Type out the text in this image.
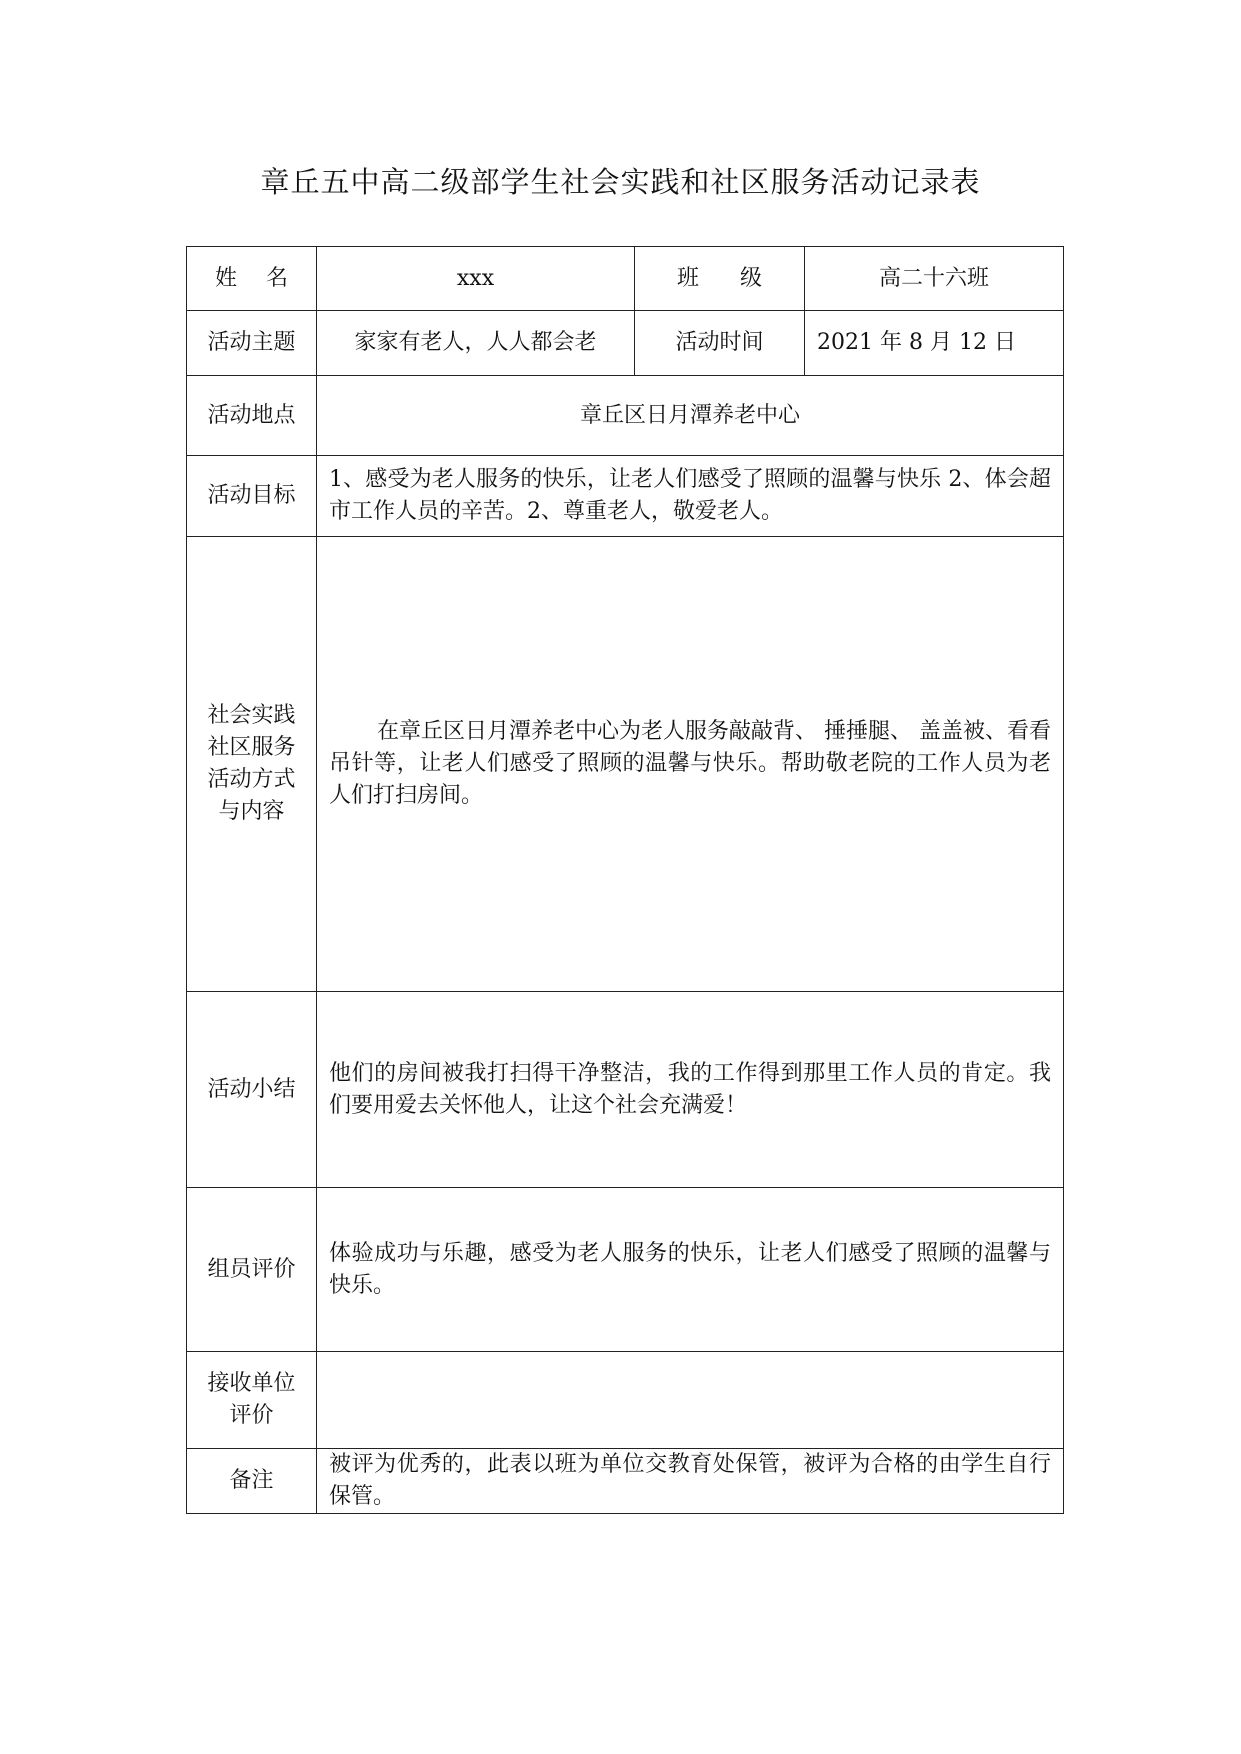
章丘五中高二级部学生社会实践和社区服务活动记录表
姓 名	xxx	班 级	高二十六班
活动主题	家家有老人，人人都会老	活动时间	2021 年 8 月 12 日
活动地点	章丘区日月潭养老中心		
活动目标	1、感受为老人服务的快乐，让老人们感受了照顾的温馨与快乐 2、体会超市工作人员的辛苦。2、尊重老人，敬爱老人。		

社会实践
社区服务
活动方式
与内容	在章丘区日月潭养老中心为老人服务敲敲背、 捶捶腿、 盖盖被、看看吊针等，让老人们感受了照顾的温馨与快乐。帮助敬老院的工作人员为老人们打扫房间。		

活动小结	他们的房间被我打扫得干净整洁，我的工作得到那里工作人员的肯定。我们要用爱去关怀他人，让这个社会充满爱！		
组员评价	体验成功与乐趣，感受为老人服务的快乐，让老人们感受了照顾的温馨与快乐。		

接收单位
评价			

备注	被评为优秀的，此表以班为单位交教育处保管，被评为合格的由学生自行保管。		
